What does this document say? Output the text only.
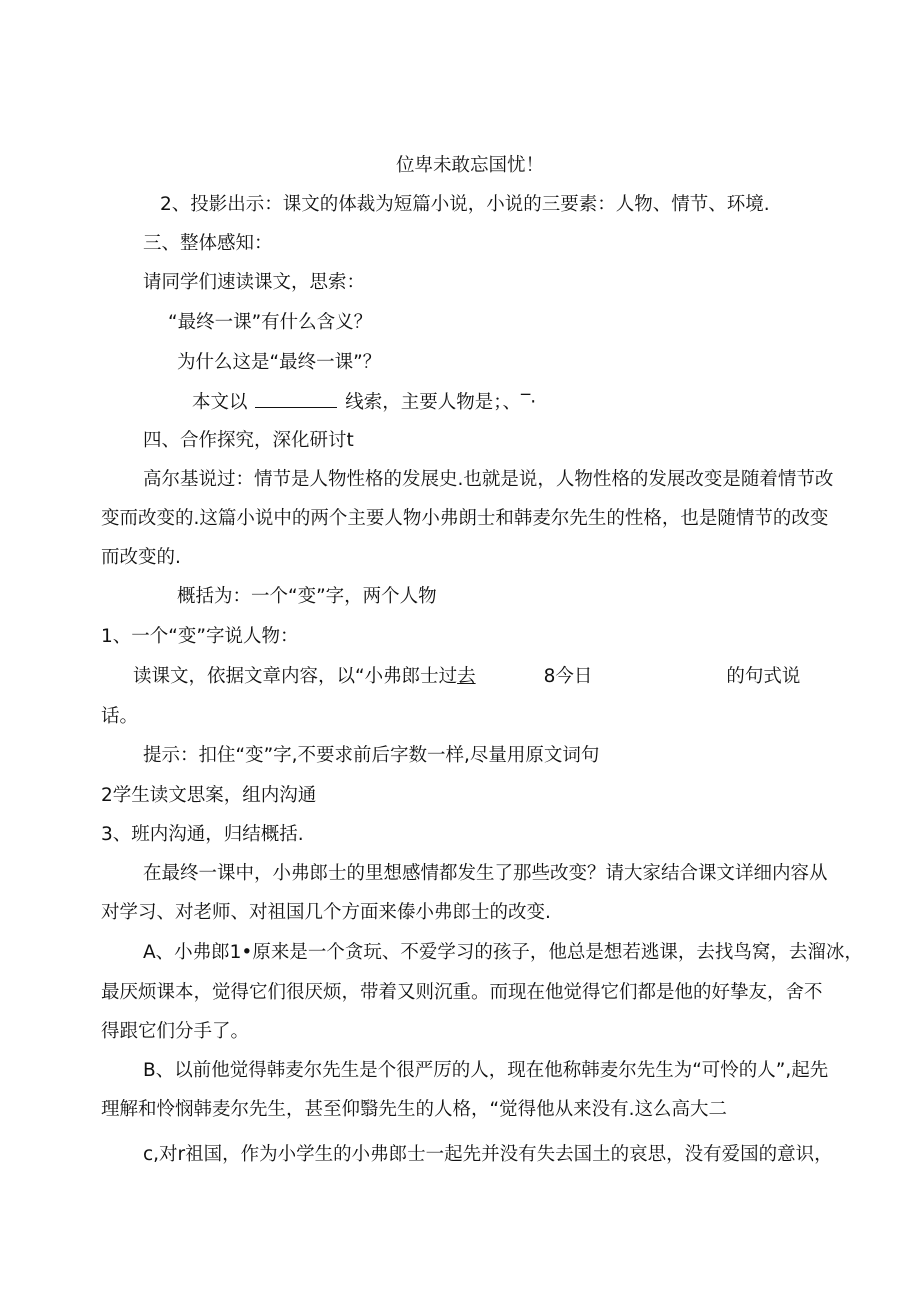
位卑未敢忘国忧！
2、投影出示：课文的体裁为短篇小说，小说的三要素：人物、情节、环境.
三、整体感知：
请同学们速读课文，思索：
“最终一课”有什么含义？
为什么这是“最终一课”？
本文以	线索，主要人物是；、‾·
四、合作探究，深化研讨t
高尔基说过：情节是人物性格的发展史.也就是说，人物性格的发展改变是随着情节改
变而改变的.这篇小说中的两个主要人物小弗朗士和韩麦尔先生的性格，也是随情节的改变
而改变的.
概括为：一个“变”字，两个人物
1、一个“变”字说人物：
读课文，依据文章内容，以“小弗郎士过去	8今日	的句式说
话。
提示：扣住“变”字,不要求前后字数一样,尽量用原文词句
2学生读文思案，组内沟通
3、班内沟通，归结概括.
在最终一课中，小弗郎士的里想感情都发生了那些改变？请大家结合课文详细内容从
对学习、对老师、对祖国几个方面来傣小弗郎士的改变.
A、小弗郎1•原来是一个贪玩、不爱学习的孩子，他总是想若逃课，去找鸟窝，去溜冰，
最厌烦课本，觉得它们很厌烦，带着又则沉重。而现在他觉得它们都是他的好挚友，舍不
得跟它们分手了。
B、以前他觉得韩麦尔先生是个很严厉的人，现在他称韩麦尔先生为“可怜的人”,起先
理解和怜悯韩麦尔先生，甚至仰翳先生的人格，“觉得他从来没有.这么高大二
c,对r祖国，作为小学生的小弗郎士一起先并没有失去国土的哀思，没有爱国的意识，
